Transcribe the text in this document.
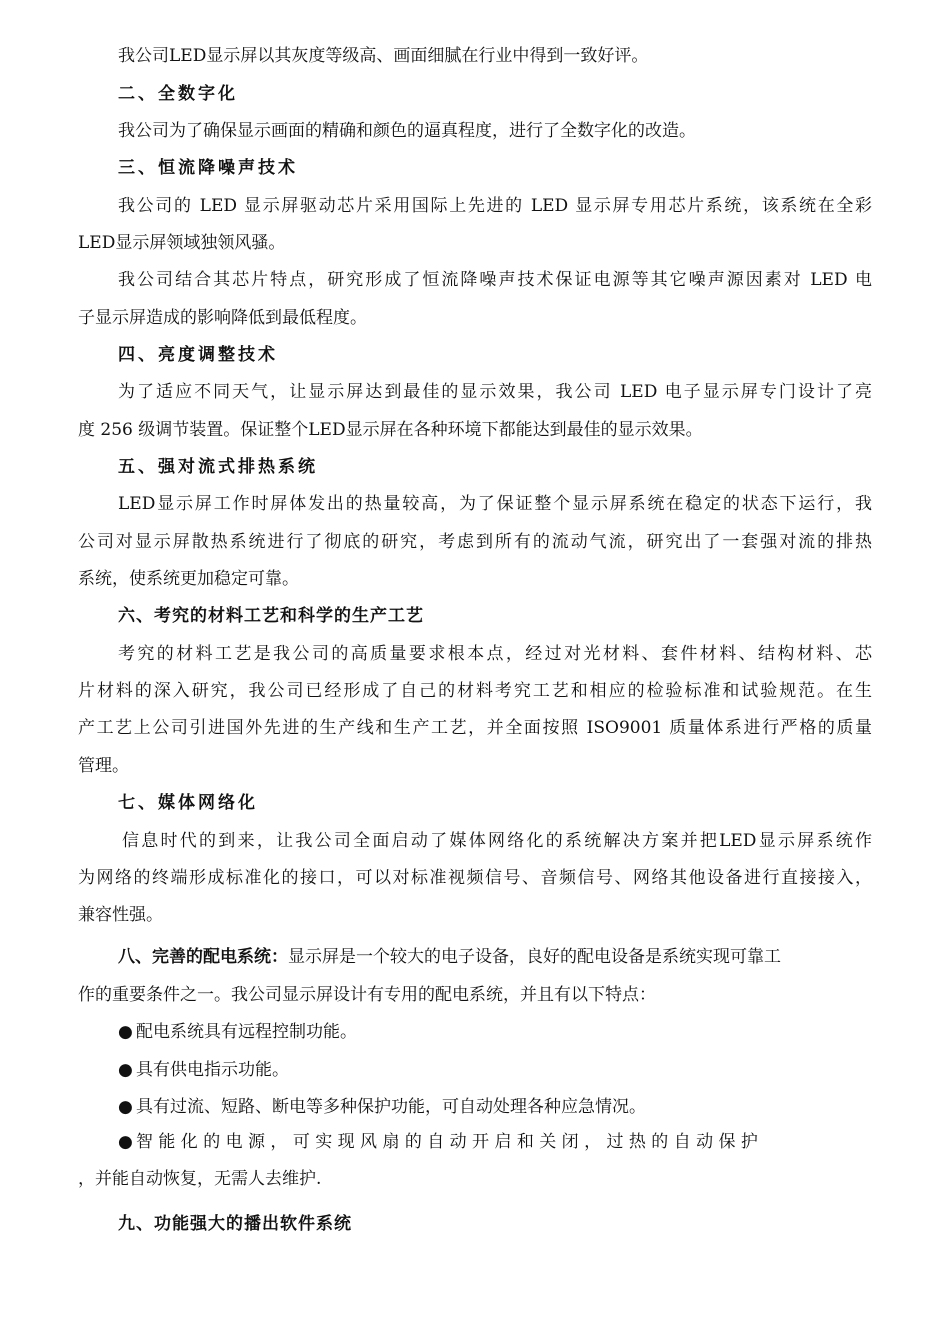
我公司LED显示屏以其灰度等级高、画面细腻在行业中得到一致好评。
二、全数字化
我公司为了确保显示画面的精确和颜色的逼真程度，进行了全数字化的改造。
三、恒流降噪声技术
我公司的 LED 显示屏驱动芯片采用国际上先进的 LED 显示屏专用芯片系统，该系统在全彩
LED显示屏领域独领风骚。
我公司结合其芯片特点，研究形成了恒流降噪声技术保证电源等其它噪声源因素对 LED 电
子显示屏造成的影响降低到最低程度。
四、亮度调整技术
为了适应不同天气，让显示屏达到最佳的显示效果，我公司 LED 电子显示屏专门设计了亮
度 256 级调节装置。保证整个LED显示屏在各种环境下都能达到最佳的显示效果。
五、强对流式排热系统
LED显示屏工作时屏体发出的热量较高，为了保证整个显示屏系统在稳定的状态下运行，我
公司对显示屏散热系统进行了彻底的研究，考虑到所有的流动气流，研究出了一套强对流的排热
系统，使系统更加稳定可靠。
六、考究的材料工艺和科学的生产工艺
考究的材料工艺是我公司的高质量要求根本点，经过对光材料、套件材料、结构材料、芯
片材料的深入研究，我公司已经形成了自己的材料考究工艺和相应的检验标准和试验规范。在生
产工艺上公司引进国外先进的生产线和生产工艺，并全面按照 ISO9001 质量体系进行严格的质量
管理。
七、媒体网络化
信息时代的到来，让我公司全面启动了媒体网络化的系统解决方案并把LED显示屏系统作
为网络的终端形成标准化的接口，可以对标准视频信号、音频信号、网络其他设备进行直接接入，
兼容性强。
八、完善的配电系统：显示屏是一个较大的电子设备，良好的配电设备是系统实现可靠工
作的重要条件之一。我公司显示屏设计有专用的配电系统，并且有以下特点：
● 配电系统具有远程控制功能。
● 具有供电指示功能。
● 具有过流、短路、断电等多种保护功能，可自动处理各种应急情况。
● 智 能 化 的 电 源 ， 可 实 现 风 扇 的 自 动 开 启 和 关 闭 ， 过 热 的 自 动 保 护
，并能自动恢复，无需人去维护.
九、功能强大的播出软件系统
